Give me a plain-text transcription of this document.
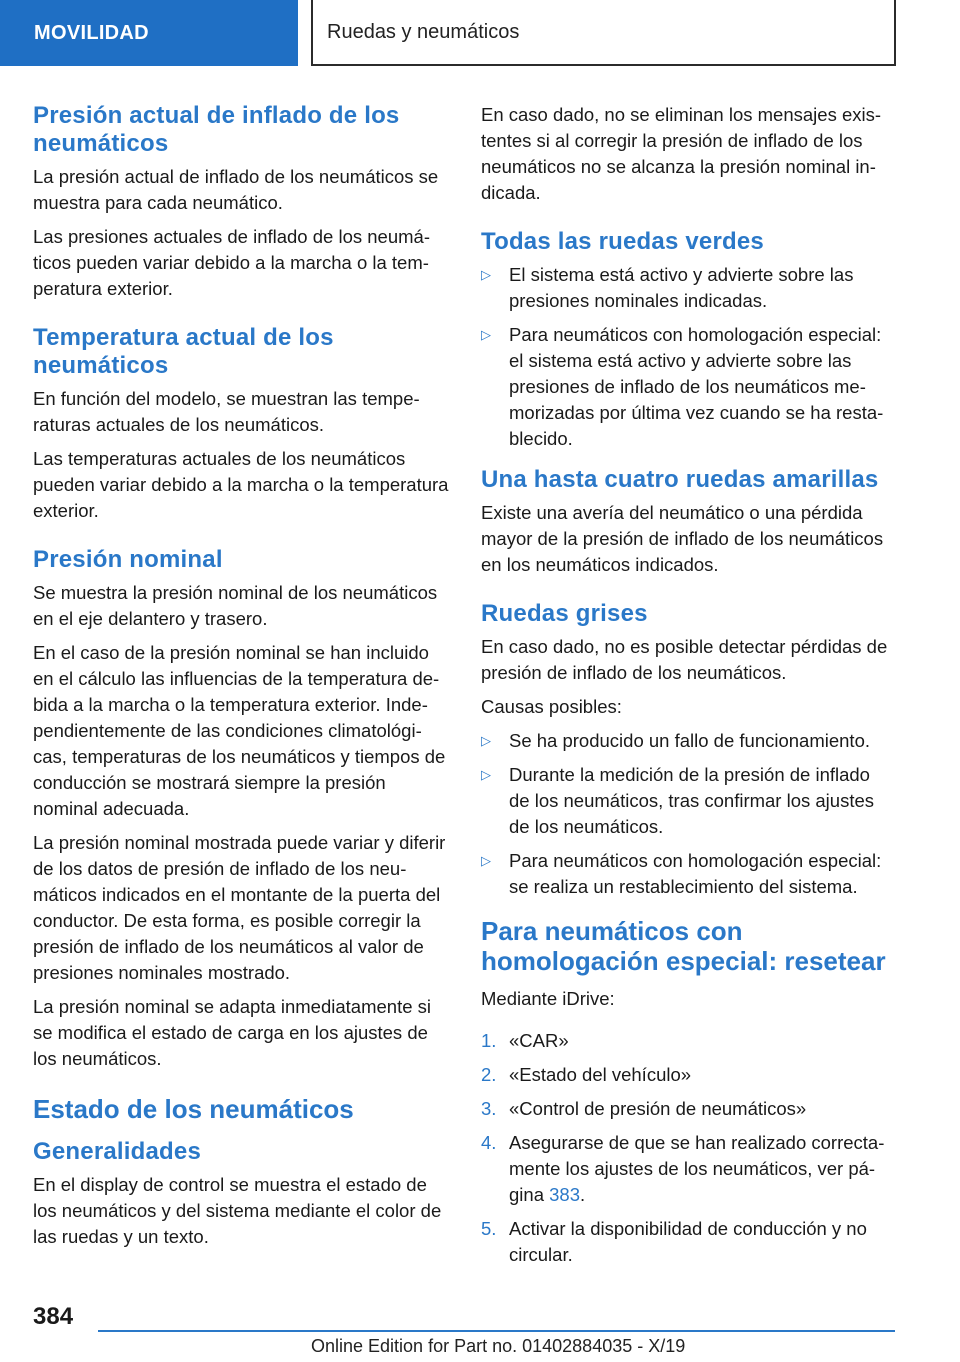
MOVILIDAD	Ruedas y neumáticos
Presión actual de inflado de los neumáticos

La presión actual de inflado de los neumáticos se muestra para cada neumático.

Las presiones actuales de inflado de los neumáticos pueden variar debido a la marcha o la temperatura exterior.

Temperatura actual de los neumáticos

En función del modelo, se muestran las temperaturas actuales de los neumáticos.

Las temperaturas actuales de los neumáticos pueden variar debido a la marcha o la temperatura exterior.

Presión nominal

Se muestra la presión nominal de los neumáticos en el eje delantero y trasero.

En el caso de la presión nominal se han incluido en el cálculo las influencias de la temperatura debida a la marcha o la temperatura exterior. Independientemente de las condiciones climatológicas, temperaturas de los neumáticos y tiempos de conducción se mostrará siempre la presión nominal adecuada.

La presión nominal mostrada puede variar y diferir de los datos de presión de inflado de los neumáticos indicados en el montante de la puerta del conductor. De esta forma, es posible corregir la presión de inflado de los neumáticos al valor de presiones nominales mostrado.

La presión nominal se adapta inmediatamente si se modifica el estado de carga en los ajustes de los neumáticos.

Estado de los neumáticos
Generalidades

En el display de control se muestra el estado de los neumáticos y del sistema mediante el color de las ruedas y un texto.

En caso dado, no se eliminan los mensajes existentes si al corregir la presión de inflado de los neumáticos no se alcanza la presión nominal indicada.

Todas las ruedas verdes
▷ El sistema está activo y advierte sobre las presiones nominales indicadas.
▷ Para neumáticos con homologación especial: el sistema está activo y advierte sobre las presiones de inflado de los neumáticos memorizadas por última vez cuando se ha restablecido.
Una hasta cuatro ruedas amarillas

Existe una avería del neumático o una pérdida mayor de la presión de inflado de los neumáticos en los neumáticos indicados.

Ruedas grises

En caso dado, no es posible detectar pérdidas de presión de inflado de los neumáticos.

Causas posibles:

▷ Se ha producido un fallo de funcionamiento.
▷ Durante la medición de la presión de inflado de los neumáticos, tras confirmar los ajustes de los neumáticos.
▷ Para neumáticos con homologación especial: se realiza un restablecimiento del sistema.
Para neumáticos con homologación especial: resetear

Mediante iDrive:

1. «CAR»
2. «Estado del vehículo»
3. «Control de presión de neumáticos»
4. Asegurarse de que se han realizado correctamente los ajustes de los neumáticos, ver página 383.
5. Activar la disponibilidad de conducción y no circular.
384
Online Edition for Part no. 01402884035 - X/19
